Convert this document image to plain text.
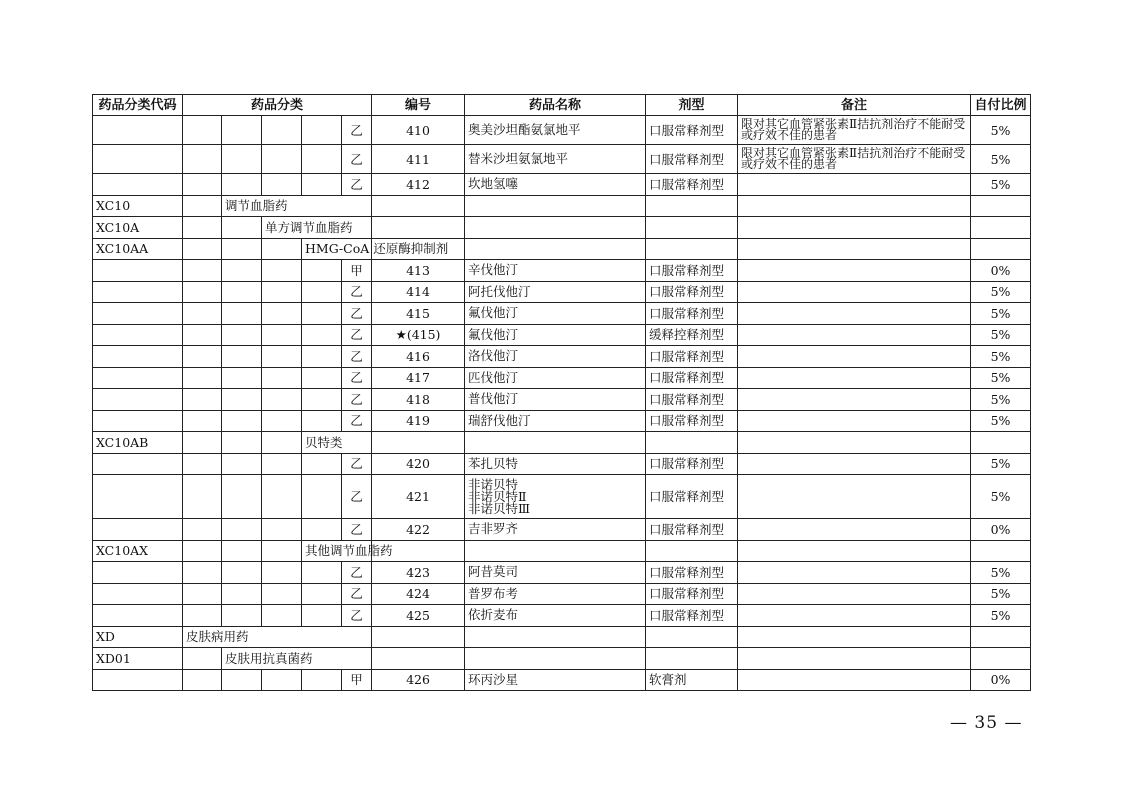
药品分类代码	药品分类					编号	药品名称	剂型	备注	自付比例
					乙	410	奥美沙坦酯氨氯地平	口服常释剂型	限对其它血管紧张素Ⅱ拮抗剂治疗不能耐受或疗效不佳的患者	5%
					乙	411	替米沙坦氨氯地平	口服常释剂型	限对其它血管紧张素Ⅱ拮抗剂治疗不能耐受或疗效不佳的患者	5%
					乙	412	坎地氢噻	口服常释剂型		5%
XC10		调节血脂药								
XC10A			单方调节血脂药							
XC10AA				HMG-CoA 还原酶抑制剂						
					甲	413	辛伐他汀	口服常释剂型		0%
					乙	414	阿托伐他汀	口服常释剂型		5%
					乙	415	氟伐他汀	口服常释剂型		5%
					乙	★(415)	氟伐他汀	缓释控释剂型		5%
					乙	416	洛伐他汀	口服常释剂型		5%
					乙	417	匹伐他汀	口服常释剂型		5%
					乙	418	普伐他汀	口服常释剂型		5%
					乙	419	瑞舒伐他汀	口服常释剂型		5%
XC10AB				贝特类						
					乙	420	苯扎贝特	口服常释剂型		5%
					乙	421	非诺贝特
非诺贝特Ⅱ
非诺贝特Ⅲ	口服常释剂型		5%
					乙	422	吉非罗齐	口服常释剂型		0%
XC10AX				其他调节血脂药						
					乙	423	阿昔莫司	口服常释剂型		5%
					乙	424	普罗布考	口服常释剂型		5%
					乙	425	依折麦布	口服常释剂型		5%
XD	皮肤病用药									
XD01		皮肤用抗真菌药								
					甲	426	环丙沙星	软膏剂		0%
— 35 —
